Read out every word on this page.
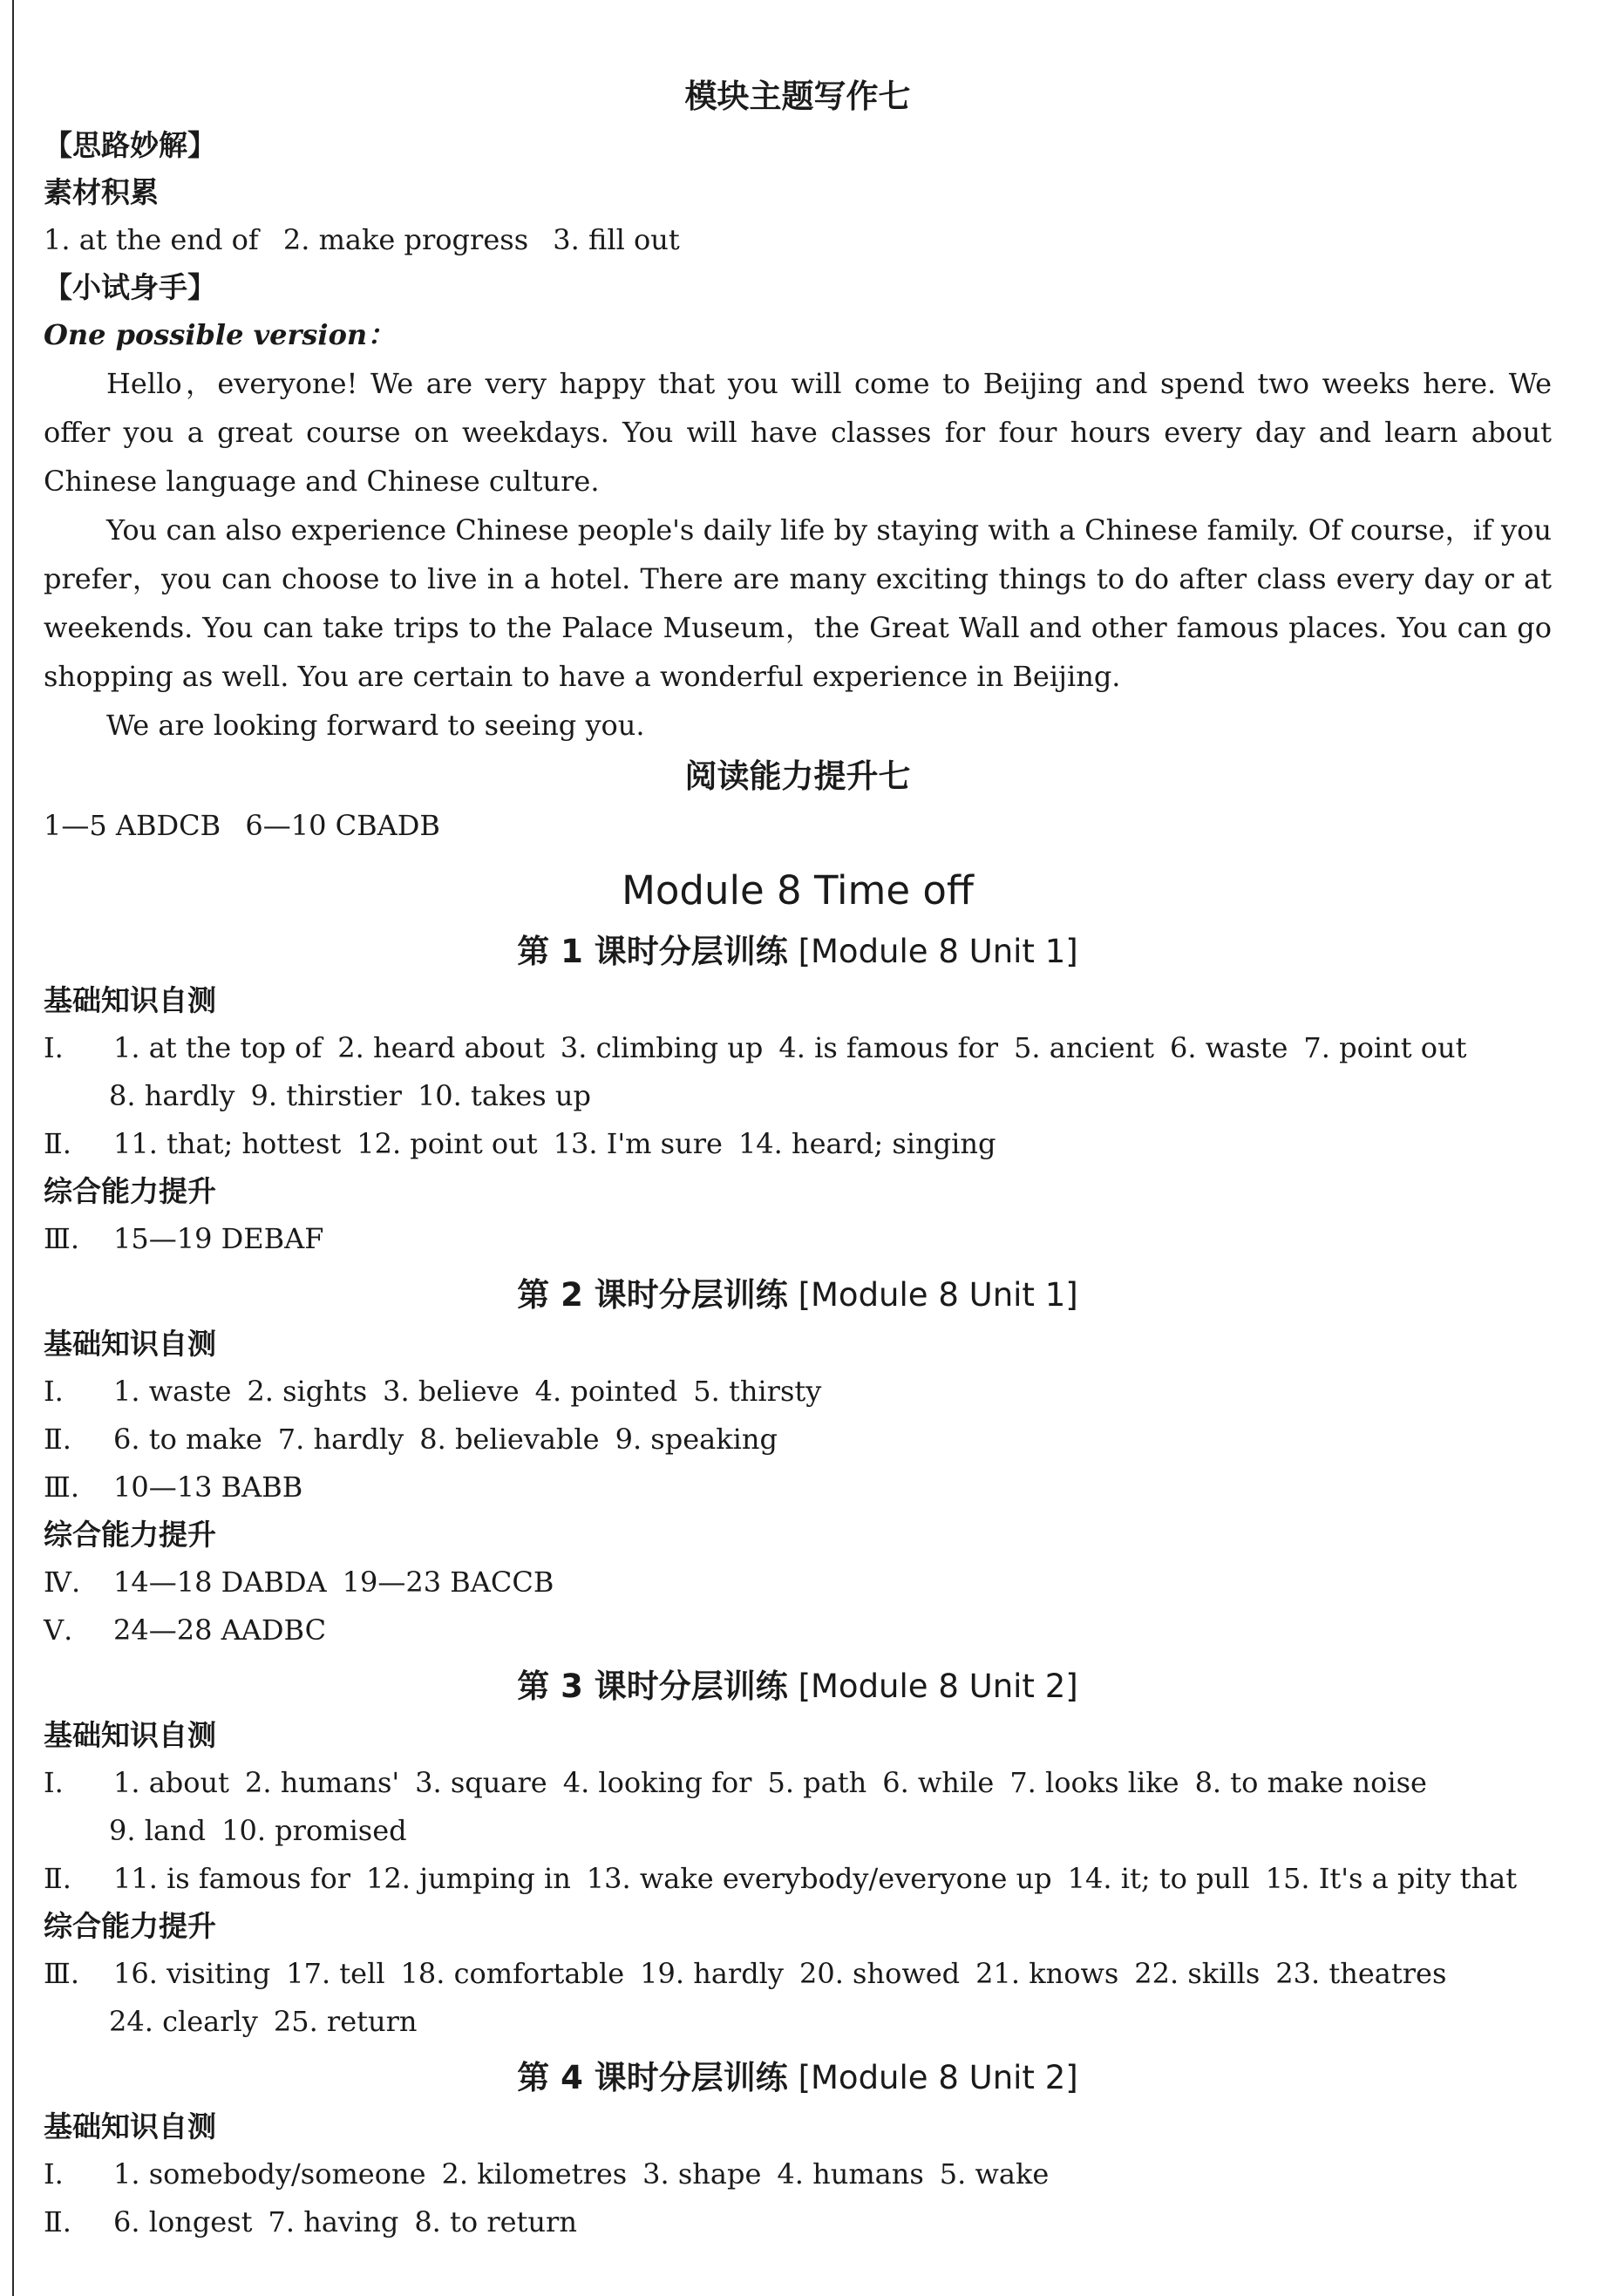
模块主题写作七
【思路妙解】
素材积累
1. at the end of 2. make progress 3. fill out
【小试身手】
One possible version：

Hello，everyone! We are very happy that you will come to Beijing and spend two weeks here. We offer you a great course on weekdays. You will have classes for four hours every day and learn about Chinese language and Chinese culture.

You can also experience Chinese people's daily life by staying with a Chinese family. Of course，if you prefer，you can choose to live in a hotel. There are many exciting things to do after class every day or at weekends. You can take trips to the Palace Museum，the Great Wall and other famous places. You can go shopping as well. You are certain to have a wonderful experience in Beijing.

We are looking forward to seeing you.

阅读能力提升七
1—5 ABDCB 6—10 CBADB
Module 8 Time off
第 1 课时分层训练 [Module 8 Unit 1]
基础知识自测
Ⅰ. 1. at the top of 2. heard about 3. climbing up 4. is famous for 5. ancient 6. waste 7. point out
8. hardly 9. thirstier 10. takes up
Ⅱ. 11. that; hottest 12. point out 13. I'm sure 14. heard; singing
综合能力提升
Ⅲ. 15—19 DEBAF
第 2 课时分层训练 [Module 8 Unit 1]
基础知识自测
Ⅰ. 1. waste 2. sights 3. believe 4. pointed 5. thirsty
Ⅱ. 6. to make 7. hardly 8. believable 9. speaking
Ⅲ. 10—13 BABB
综合能力提升
Ⅳ. 14—18 DABDA 19—23 BACCB
Ⅴ. 24—28 AADBC
第 3 课时分层训练 [Module 8 Unit 2]
基础知识自测
Ⅰ. 1. about 2. humans' 3. square 4. looking for 5. path 6. while 7. looks like 8. to make noise
9. land 10. promised
Ⅱ. 11. is famous for 12. jumping in 13. wake everybody/everyone up 14. it; to pull 15. It's a pity that
综合能力提升
Ⅲ. 16. visiting 17. tell 18. comfortable 19. hardly 20. showed 21. knows 22. skills 23. theatres
24. clearly 25. return
第 4 课时分层训练 [Module 8 Unit 2]
基础知识自测
Ⅰ. 1. somebody/someone 2. kilometres 3. shape 4. humans 5. wake
Ⅱ. 6. longest 7. having 8. to return
